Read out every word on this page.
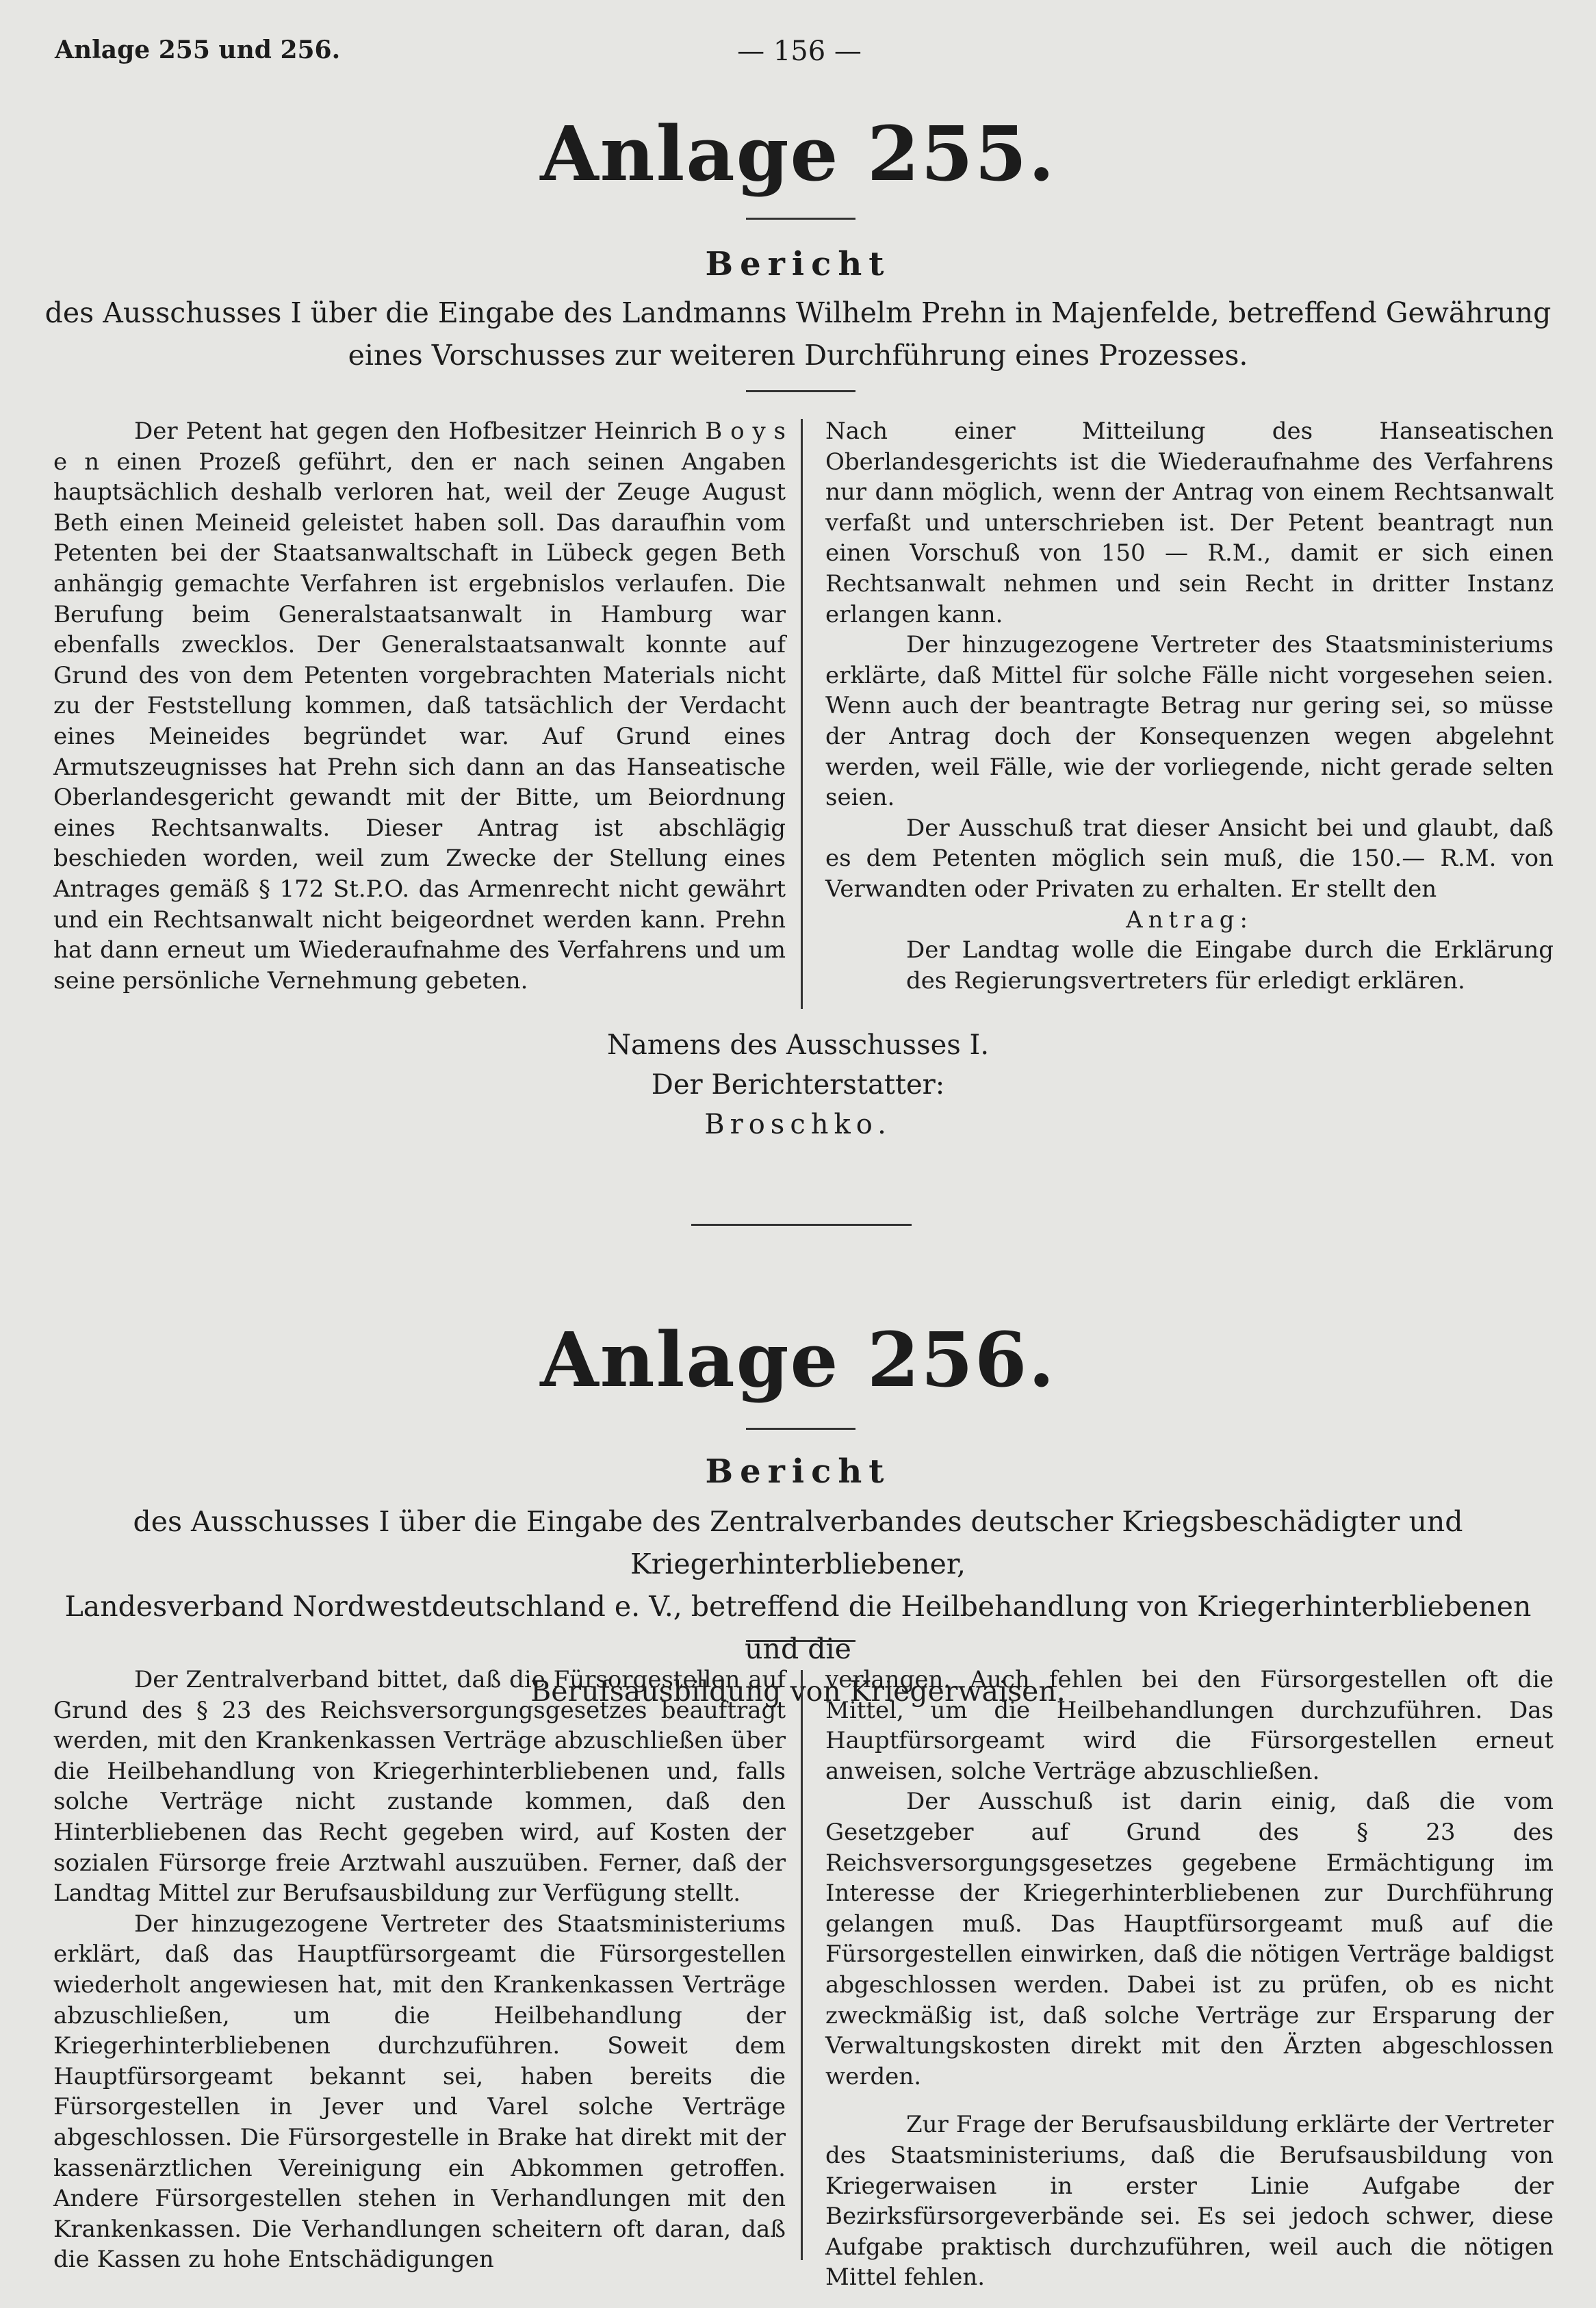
Anlage 255 und 256.	— 156 —
Anlage 255.
Bericht
des Ausschusses I über die Eingabe des Landmanns Wilhelm Prehn in Majenfelde, betreffend Gewährung
eines Vorschusses zur weiteren Durchführung eines Prozesses.

Der Petent hat gegen den Hofbesitzer Heinrich B o y s e n einen Prozeß geführt, den er nach seinen Angaben hauptsächlich deshalb verloren hat, weil der Zeuge August Beth einen Meineid geleistet haben soll. Das daraufhin vom Petenten bei der Staatsanwaltschaft in Lübeck gegen Beth anhängig gemachte Verfahren ist ergebnislos verlaufen. Die Berufung beim Generalstaatsanwalt in Hamburg war ebenfalls zwecklos. Der Generalstaatsanwalt konnte auf Grund des von dem Petenten vorgebrachten Materials nicht zu der Feststellung kommen, daß tatsächlich der Verdacht eines Meineides begründet war. Auf Grund eines Armutszeugnisses hat Prehn sich dann an das Hanseatische Oberlandesgericht gewandt mit der Bitte, um Beiordnung eines Rechtsanwalts. Dieser Antrag ist abschlägig beschieden worden, weil zum Zwecke der Stellung eines Antrages gemäß § 172 St.P.O. das Armenrecht nicht gewährt und ein Rechtsanwalt nicht beigeordnet werden kann. Prehn hat dann erneut um Wiederaufnahme des Verfahrens und um seine persönliche Vernehmung gebeten.

Nach einer Mitteilung des Hanseatischen Oberlandesgerichts ist die Wiederaufnahme des Verfahrens nur dann möglich, wenn der Antrag von einem Rechtsanwalt verfaßt und unterschrieben ist. Der Petent beantragt nun einen Vorschuß von 150 — R.M., damit er sich einen Rechtsanwalt nehmen und sein Recht in dritter Instanz erlangen kann.

Der hinzugezogene Vertreter des Staatsministeriums erklärte, daß Mittel für solche Fälle nicht vorgesehen seien. Wenn auch der beantragte Betrag nur gering sei, so müsse der Antrag doch der Konsequenzen wegen abgelehnt werden, weil Fälle, wie der vorliegende, nicht gerade selten seien.

Der Ausschuß trat dieser Ansicht bei und glaubt, daß es dem Petenten möglich sein muß, die 150.— R.M. von Verwandten oder Privaten zu erhalten. Er stellt den

Antrag:

Der Landtag wolle die Eingabe durch die Erklärung des Regierungsvertreters für erledigt erklären.

Namens des Ausschusses I.
Der Berichterstatter:
Broschko.
Anlage 256.
Bericht
des Ausschusses I über die Eingabe des Zentralverbandes deutscher Kriegsbeschädigter und Kriegerhinterbliebener,
Landesverband Nordwestdeutschland e. V., betreffend die Heilbehandlung von Kriegerhinterbliebenen und die
Berufsausbildung von Kriegerwaisen.

Der Zentralverband bittet, daß die Fürsorgestellen auf Grund des § 23 des Reichsversorgungsgesetzes beauftragt werden, mit den Krankenkassen Verträge abzuschließen über die Heilbehandlung von Kriegerhinterbliebenen und, falls solche Verträge nicht zustande kommen, daß den Hinterbliebenen das Recht gegeben wird, auf Kosten der sozialen Fürsorge freie Arztwahl auszuüben. Ferner, daß der Landtag Mittel zur Berufsausbildung zur Verfügung stellt.

Der hinzugezogene Vertreter des Staatsministeriums erklärt, daß das Hauptfürsorgeamt die Fürsorgestellen wiederholt angewiesen hat, mit den Krankenkassen Verträge abzuschließen, um die Heilbehandlung der Kriegerhinterbliebenen durchzuführen. Soweit dem Hauptfürsorgeamt bekannt sei, haben bereits die Fürsorgestellen in Jever und Varel solche Verträge abgeschlossen. Die Fürsorgestelle in Brake hat direkt mit der kassenärztlichen Vereinigung ein Abkommen getroffen. Andere Fürsorgestellen stehen in Verhandlungen mit den Krankenkassen. Die Verhandlungen scheitern oft daran, daß die Kassen zu hohe Entschädigungen

verlangen. Auch fehlen bei den Fürsorgestellen oft die Mittel, um die Heilbehandlungen durchzuführen. Das Hauptfürsorgeamt wird die Fürsorgestellen erneut anweisen, solche Verträge abzuschließen.

Der Ausschuß ist darin einig, daß die vom Gesetzgeber auf Grund des § 23 des Reichsversorgungsgesetzes gegebene Ermächtigung im Interesse der Kriegerhinterbliebenen zur Durchführung gelangen muß. Das Hauptfürsorgeamt muß auf die Fürsorgestellen einwirken, daß die nötigen Verträge baldigst abgeschlossen werden. Dabei ist zu prüfen, ob es nicht zweckmäßig ist, daß solche Verträge zur Ersparung der Verwaltungskosten direkt mit den Ärzten abgeschlossen werden.

Zur Frage der Berufsausbildung erklärte der Vertreter des Staatsministeriums, daß die Berufsausbildung von Kriegerwaisen in erster Linie Aufgabe der Bezirksfürsorgeverbände sei. Es sei jedoch schwer, diese Aufgabe praktisch durchzuführen, weil auch die nötigen Mittel fehlen.
